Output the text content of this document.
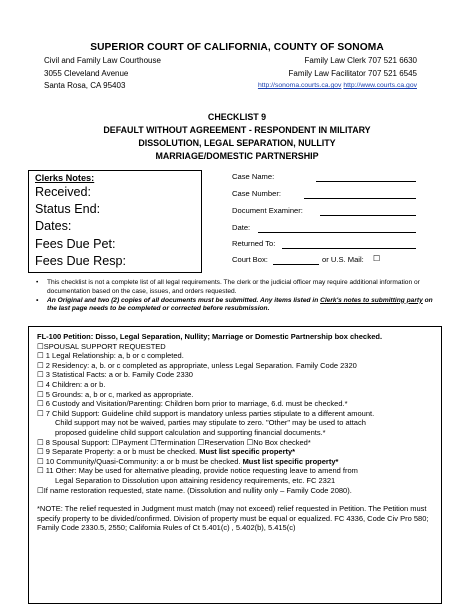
SUPERIOR COURT OF CALIFORNIA, COUNTY OF SONOMA
Civil and Family Law Courthouse
3055 Cleveland Avenue
Santa Rosa, CA 95403
Family Law Clerk 707 521 6630
Family Law Facilitator 707 521 6545
http://sonoma.courts.ca.gov http://www.courts.ca.gov
CHECKLIST 9
DEFAULT WITHOUT AGREEMENT - RESPONDENT IN MILITARY
DISSOLUTION, LEGAL SEPARATION, NULLITY
MARRIAGE/DOMESTIC PARTNERSHIP
Clerks Notes:
Received:
Status End:
Dates:
Fees Due Pet:
Fees Due Resp:
Case Name:
Case Number:
Document Examiner:
Date:
Returned To:
Court Box:	or U.S. Mail: ☐
• This checklist is not a complete list of all legal requirements. The clerk or the judicial officer may require additional information or documentation based on the case, issues, and orders requested.
• An Original and two (2) copies of all documents must be submitted. Any items listed in Clerk's notes to submitting party on the last page needs to be completed or corrected before resubmission.
FL-100 Petition: Disso, Legal Separation, Nullity; Marriage or Domestic Partnership box checked.
☐SPOUSAL SUPPORT REQUESTED
☐ 1 Legal Relationship: a, b or c completed.
☐ 2 Residency: a, b. or c completed as appropriate, unless Legal Separation. Family Code 2320
☐ 3 Statistical Facts: a or b. Family Code 2330
☐ 4 Children: a or b.
☐ 5 Grounds: a, b or c, marked as appropriate.
☐ 6 Custody and Visitation/Parenting: Children born prior to marriage, 6.d. must be checked.*
☐ 7 Child Support: Guideline child support is mandatory unless parties stipulate to a different amount.
Child support may not be waived, parties may stipulate to zero. "Other" may be used to attach
proposed guideline child support calculation and supporting financial documents.*
☐ 8 Spousal Support: ☐Payment ☐Termination ☐Reservation ☐No Box checked*
☐ 9 Separate Property: a or b must be checked. Must list specific property*
☐ 10 Community/Quasi-Community: a or b must be checked. Must list specific property*
☐ 11 Other: May be used for alternative pleading, provide notice requesting leave to amend from
Legal Separation to Dissolution upon attaining residency requirements, etc. FC 2321
☐If name restoration requested, state name. (Dissolution and nullity only – Family Code 2080).
*NOTE: The relief requested in Judgment must match (may not exceed) relief requested in Petition. The Petition must specify property to be divided/confirmed. Division of property must be equal or equalized. FC 4336, Code Civ Pro 580; Family Code 2330.5, 2550; California Rules of Ct 5.401(c) , 5.402(b), 5.415(c)
